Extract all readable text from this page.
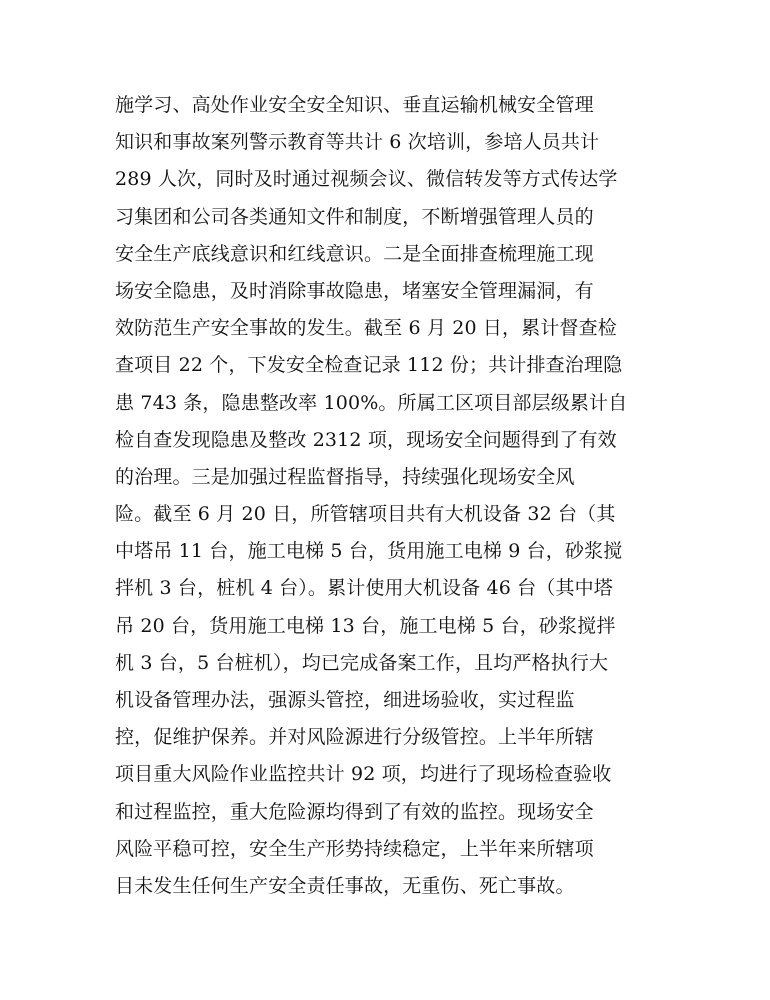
施学习、高处作业安全安全知识、垂直运输机械安全管理
知识和事故案列警示教育等共计 6 次培训，参培人员共计
289 人次，同时及时通过视频会议、微信转发等方式传达学
习集团和公司各类通知文件和制度，不断增强管理人员的
安全生产底线意识和红线意识。二是全面排查梳理施工现
场安全隐患，及时消除事故隐患，堵塞安全管理漏洞，有
效防范生产安全事故的发生。截至 6 月 20 日，累计督查检
查项目 22 个，下发安全检查记录 112 份；共计排查治理隐
患 743 条，隐患整改率 100%。所属工区项目部层级累计自
检自查发现隐患及整改 2312 项，现场安全问题得到了有效
的治理。三是加强过程监督指导，持续强化现场安全风
险。截至 6 月 20 日，所管辖项目共有大机设备 32 台（其
中塔吊 11 台，施工电梯 5 台，货用施工电梯 9 台，砂浆搅
拌机 3 台，桩机 4 台）。累计使用大机设备 46 台（其中塔
吊 20 台，货用施工电梯 13 台，施工电梯 5 台，砂浆搅拌
机 3 台，5 台桩机），均已完成备案工作，且均严格执行大
机设备管理办法，强源头管控，细进场验收，实过程监
控，促维护保养。并对风险源进行分级管控。上半年所辖
项目重大风险作业监控共计 92 项，均进行了现场检查验收
和过程监控，重大危险源均得到了有效的监控。现场安全
风险平稳可控，安全生产形势持续稳定，上半年来所辖项
目未发生任何生产安全责任事故，无重伤、死亡事故。
